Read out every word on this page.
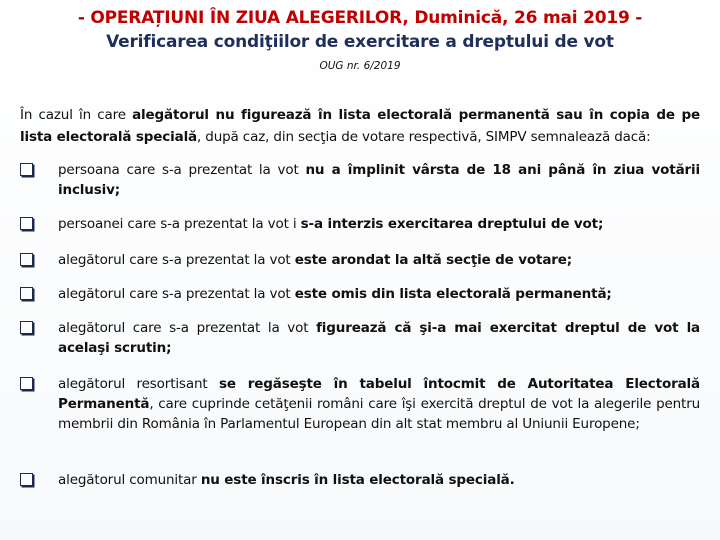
- OPERAȚIUNI ÎN ZIUA ALEGERILOR, Duminică, 26 mai 2019 -
Verificarea condiţiilor de exercitare a dreptului de vot
OUG nr. 6/2019
În cazul în care alegătorul nu figurează în lista electorală permanentă sau în copia de pe lista electorală specială, după caz, din secţia de votare respectivă, SIMPV semnalează dacă:
persoana care s-a prezentat la vot nu a împlinit vârsta de 18 ani până în ziua votării inclusiv;
persoanei care s-a prezentat la vot i s-a interzis exercitarea dreptului de vot;
alegătorul care s-a prezentat la vot este arondat la altă secţie de votare;
alegătorul care s-a prezentat la vot este omis din lista electorală permanentă;
alegătorul care s-a prezentat la vot figurează că şi-a mai exercitat dreptul de vot la acelaşi scrutin;
alegătorul resortisant se regăseşte în tabelul întocmit de Autoritatea Electorală Permanentă, care cuprinde cetăţenii români care îşi exercită dreptul de vot la alegerile pentru membrii din România în Parlamentul European din alt stat membru al Uniunii Europene;
alegătorul comunitar nu este înscris în lista electorală specială.
